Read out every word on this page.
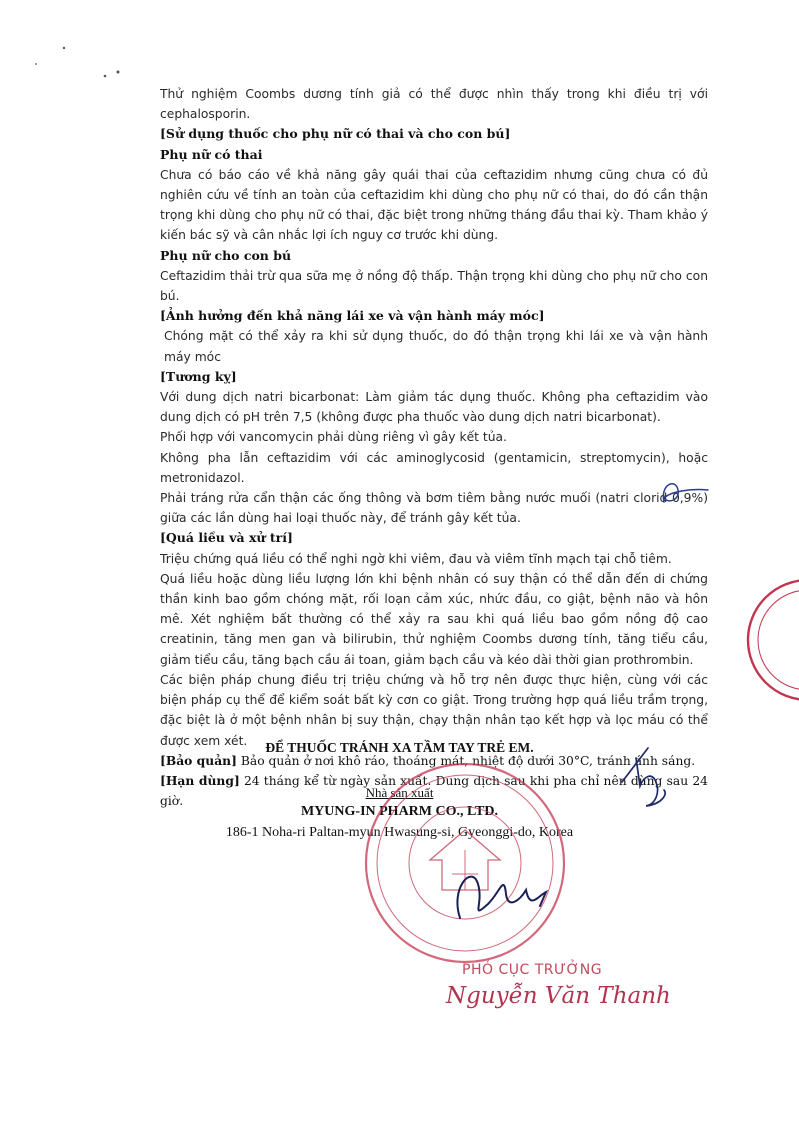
Thử nghiệm Coombs dương tính giả có thể được nhìn thấy trong khi điều trị với cephalosporin.

[Sử dụng thuốc cho phụ nữ có thai và cho con bú]

Phụ nữ có thai

Chưa có báo cáo về khả năng gây quái thai của ceftazidim nhưng cũng chưa có đủ nghiên cứu về tính an toàn của ceftazidim khi dùng cho phụ nữ có thai, do đó cần thận trọng khi dùng cho phụ nữ có thai, đặc biệt trong những tháng đầu thai kỳ. Tham khảo ý kiến bác sỹ và cân nhắc lợi ích nguy cơ trước khi dùng.

Phụ nữ cho con bú

Ceftazidim thải trừ qua sữa mẹ ở nồng độ thấp. Thận trọng khi dùng cho phụ nữ cho con bú.

[Ảnh hưởng đến khả năng lái xe và vận hành máy móc]

Chóng mặt có thể xảy ra khi sử dụng thuốc, do đó thận trọng khi lái xe và vận hành máy móc

[Tương kỵ]

Với dung dịch natri bicarbonat: Làm giảm tác dụng thuốc. Không pha ceftazidim vào dung dịch có pH trên 7,5 (không được pha thuốc vào dung dịch natri bicarbonat).

Phối hợp với vancomycin phải dùng riêng vì gây kết tủa.

Không pha lẫn ceftazidim với các aminoglycosid (gentamicin, streptomycin), hoặc metronidazol.

Phải tráng rửa cẩn thận các ống thông và bơm tiêm bằng nước muối (natri clorid 0,9%) giữa các lần dùng hai loại thuốc này, để tránh gây kết tủa.

[Quá liều và xử trí]

Triệu chứng quá liều có thể nghi ngờ khi viêm, đau và viêm tĩnh mạch tại chỗ tiêm.

Quá liều hoặc dùng liều lượng lớn khi bệnh nhân có suy thận có thể dẫn đến di chứng thần kinh bao gồm chóng mặt, rối loạn cảm xúc, nhức đầu, co giật, bệnh não và hôn mê. Xét nghiệm bất thường có thể xảy ra sau khi quá liều bao gồm nồng độ cao creatinin, tăng men gan và bilirubin, thử nghiệm Coombs dương tính, tăng tiểu cầu, giảm tiểu cầu, tăng bạch cầu ái toan, giảm bạch cầu và kéo dài thời gian prothrombin.

Các biện pháp chung điều trị triệu chứng và hỗ trợ nên được thực hiện, cùng với các biện pháp cụ thể để kiểm soát bất kỳ cơn co giật. Trong trường hợp quá liều trầm trọng, đặc biệt là ở một bệnh nhân bị suy thận, chạy thận nhân tạo kết hợp và lọc máu có thể được xem xét.

[Bảo quản] Bảo quản ở nơi khô ráo, thoáng mát, nhiệt độ dưới 30°C, tránh ánh sáng.

[Hạn dùng] 24 tháng kể từ ngày sản xuất. Dung dịch sau khi pha chỉ nên dùng sau 24 giờ.

ĐỂ THUỐC TRÁNH XA TẦM TAY TRẺ EM.
Nhà sản xuất
MYUNG-IN PHARM CO., LTD.
186-1 Noha-ri Paltan-myun Hwasung-si, Gyeonggi-do, Korea
PHÓ CỤC TRƯỞNG
Nguyễn Văn Thanh
